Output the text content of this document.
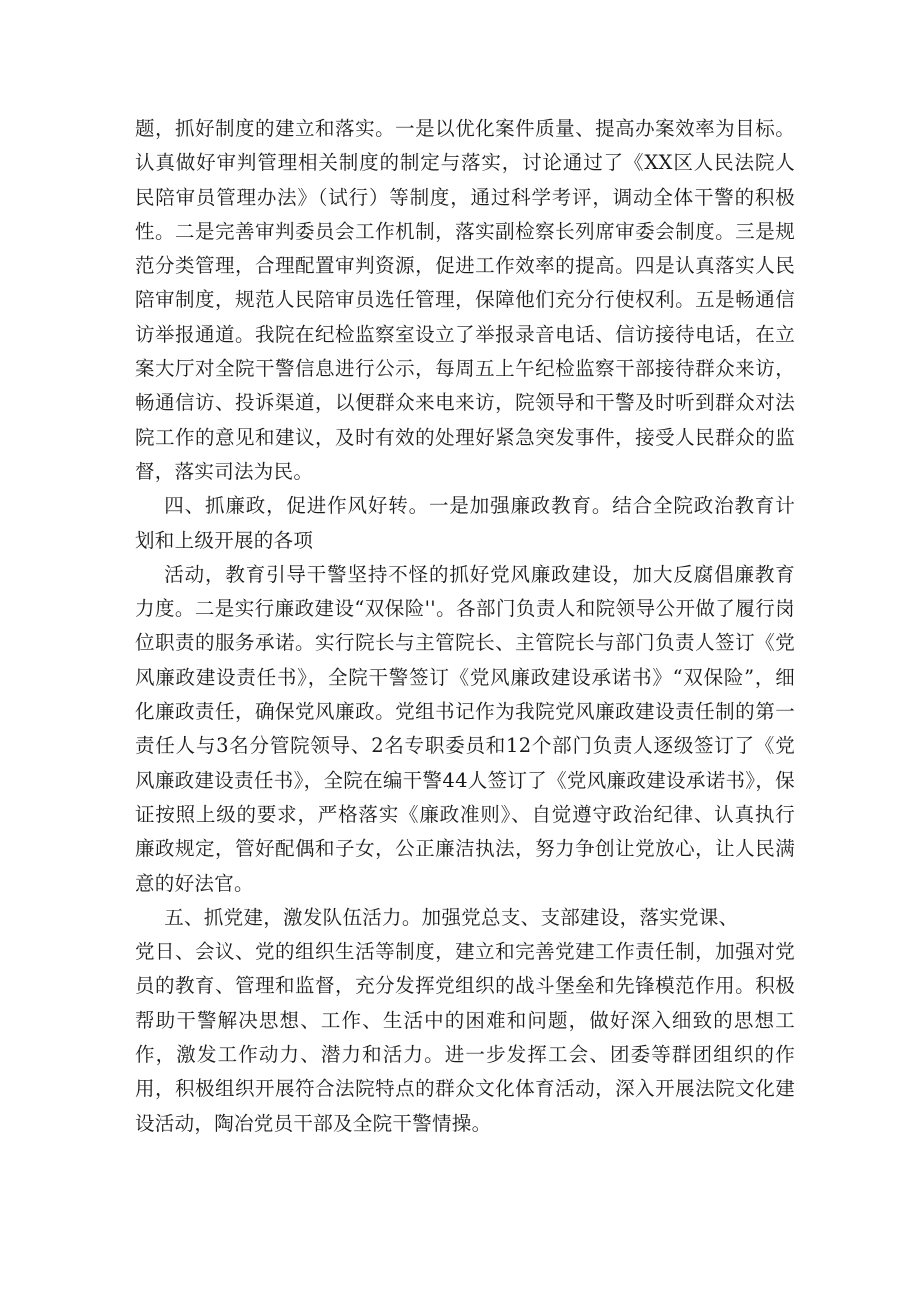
题，抓好制度的建立和落实。一是以优化案件质量、提高办案效率为目标。认真做好审判管理相关制度的制定与落实，讨论通过了《XX区人民法院人民陪审员管理办法》（试行）等制度，通过科学考评，调动全体干警的积极性。二是完善审判委员会工作机制，落实副检察长列席审委会制度。三是规范分类管理，合理配置审判资源，促进工作效率的提高。四是认真落实人民陪审制度，规范人民陪审员选任管理，保障他们充分行使权利。五是畅通信访举报通道。我院在纪检监察室设立了举报录音电话、信访接待电话，在立案大厅对全院干警信息进行公示，每周五上午纪检监察干部接待群众来访，畅通信访、投诉渠道，以便群众来电来访，院领导和干警及时听到群众对法院工作的意见和建议，及时有效的处理好紧急突发事件，接受人民群众的监督，落实司法为民。

四、抓廉政，促进作风好转。一是加强廉政教育。结合全院政治教育计划和上级开展的各项

活动，教育引导干警坚持不怪的抓好党风廉政建设，加大反腐倡廉教育力度。二是实行廉政建设“双保险''。各部门负责人和院领导公开做了履行岗位职责的服务承诺。实行院长与主管院长、主管院长与部门负责人签订《党风廉政建设责任书》，全院干警签订《党风廉政建设承诺书》“双保险”，细化廉政责任，确保党风廉政。党组书记作为我院党风廉政建设责任制的第一责任人与3名分管院领导、2名专职委员和12个部门负责人逐级签订了《党风廉政建设责任书》，全院在编干警44人签订了《党风廉政建设承诺书》，保证按照上级的要求，严格落实《廉政准则》、自觉遵守政治纪律、认真执行廉政规定，管好配偶和子女，公正廉洁执法，努力争创让党放心，让人民满意的好法官。

五、抓党建，激发队伍活力。加强党总支、支部建设，落实党课、

党日、会议、党的组织生活等制度，建立和完善党建工作责任制，加强对党员的教育、管理和监督，充分发挥党组织的战斗堡垒和先锋模范作用。积极帮助干警解决思想、工作、生活中的困难和问题，做好深入细致的思想工作，激发工作动力、潜力和活力。进一步发挥工会、团委等群团组织的作用，积极组织开展符合法院特点的群众文化体育活动，深入开展法院文化建设活动，陶冶党员干部及全院干警情操。
